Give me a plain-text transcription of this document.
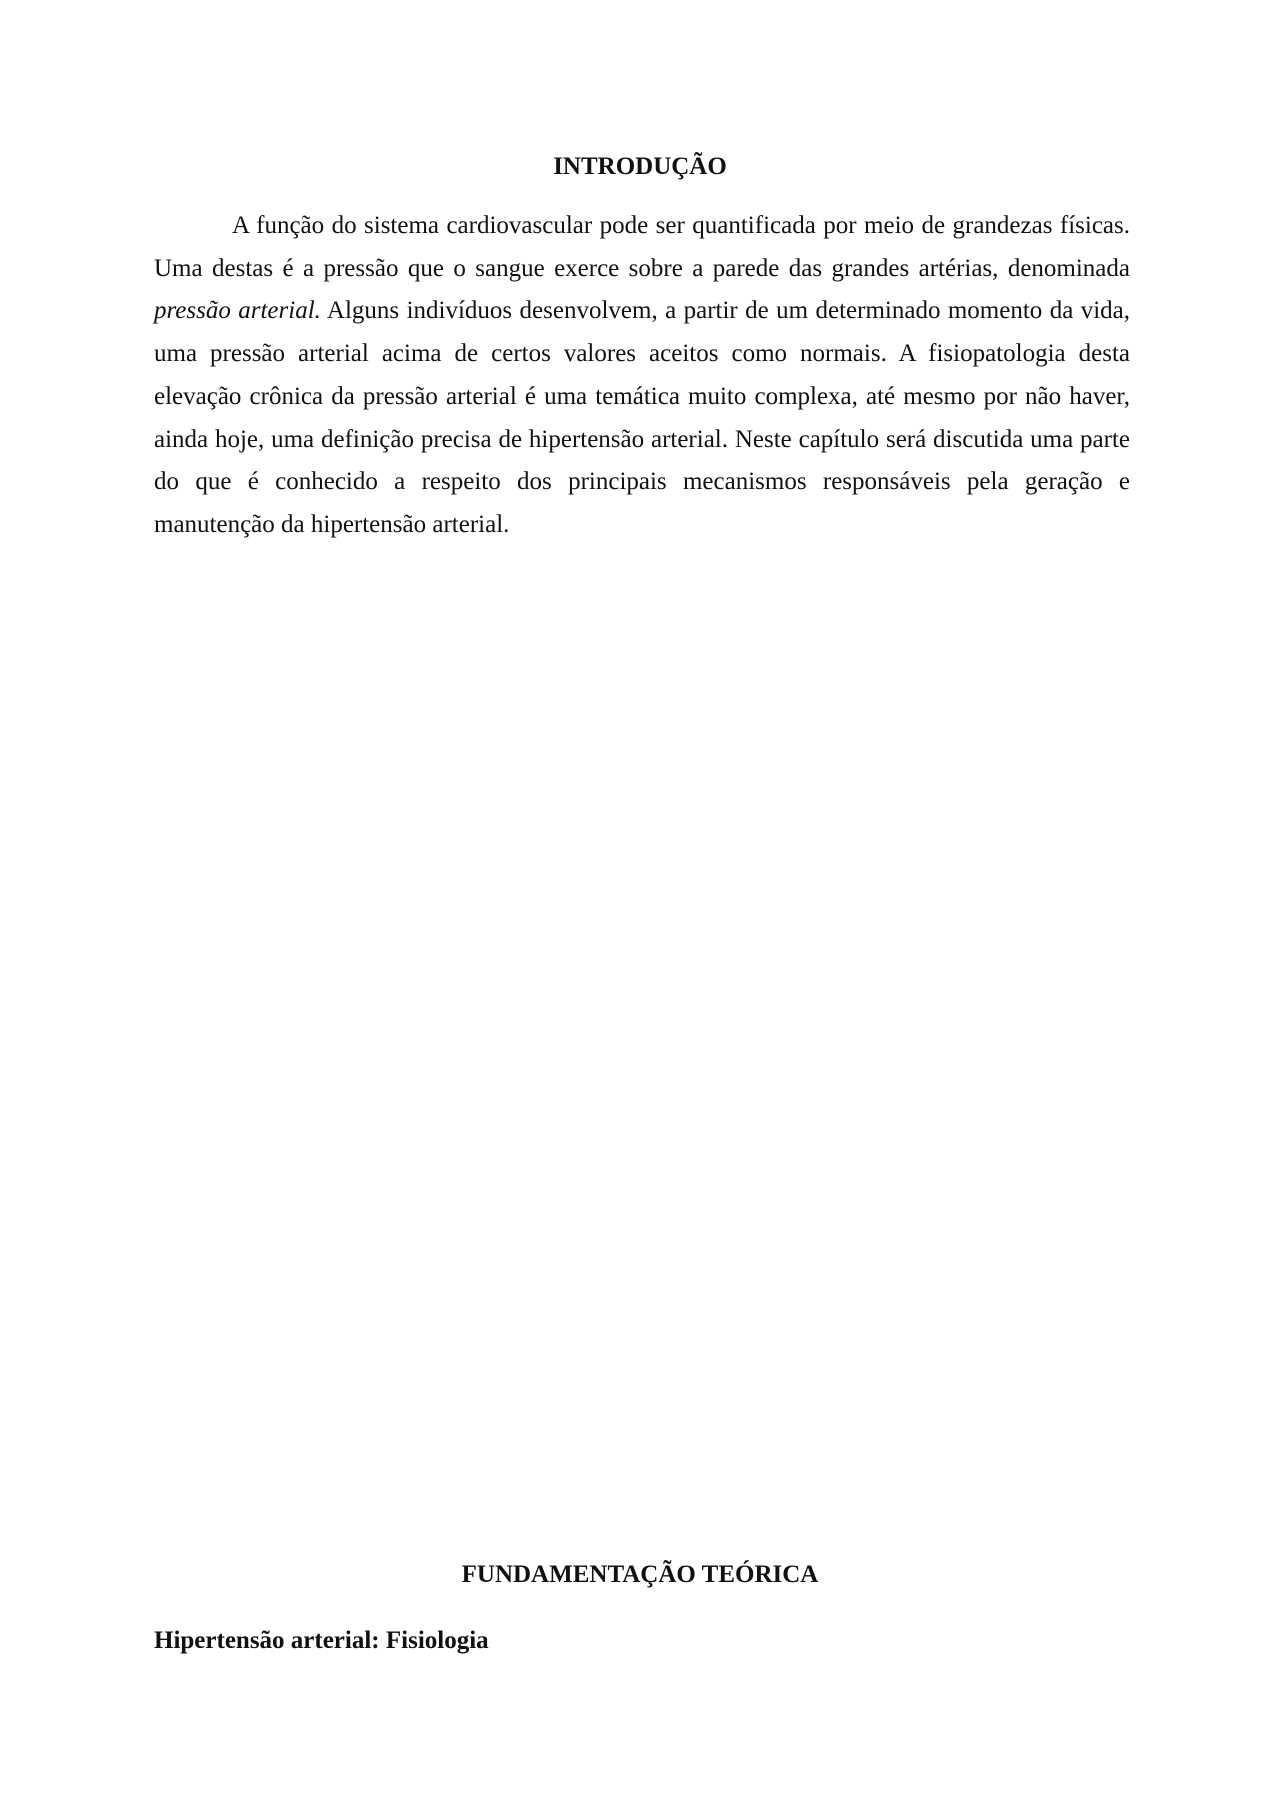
INTRODUÇÃO

A função do sistema cardiovascular pode ser quantificada por meio de grandezas físicas. Uma destas é a pressão que o sangue exerce sobre a parede das grandes artérias, denominada pressão arterial. Alguns indivíduos desenvolvem, a partir de um determinado momento da vida, uma pressão arterial acima de certos valores aceitos como normais. A fisiopatologia desta elevação crônica da pressão arterial é uma temática muito complexa, até mesmo por não haver, ainda hoje, uma definição precisa de hipertensão arterial. Neste capítulo será discutida uma parte do que é conhecido a respeito dos principais mecanismos responsáveis pela geração e manutenção da hipertensão arterial.

FUNDAMENTAÇÃO TEÓRICA
Hipertensão arterial: Fisiologia
